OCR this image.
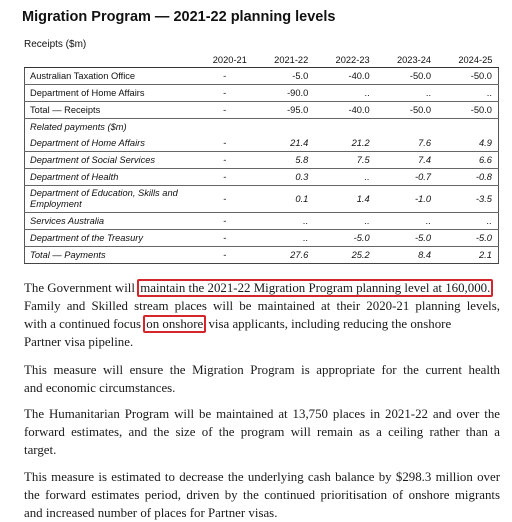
Migration Program — 2021-22 planning levels
Receipts ($m)
	2020-21	2021-22	2022-23	2023-24	2024-25
Australian Taxation Office	-	-5.0	-40.0	-50.0	-50.0
Department of Home Affairs	-	-90.0	..	..	..
Total — Receipts	-	-95.0	-40.0	-50.0	-50.0
Related payments ($m)					
Department of Home Affairs	-	21.4	21.2	7.6	4.9
Department of Social Services	-	5.8	7.5	7.4	6.6
Department of Health	-	0.3	..	-0.7	-0.8
Department of Education, Skills and Employment	-	0.1	1.4	-1.0	-3.5
Services Australia	-	..	..	..	..
Department of the Treasury	-	..	-5.0	-5.0	-5.0
Total — Payments	-	27.6	25.2	8.4	2.1
The Government will maintain the 2021-22 Migration Program planning level at 160,000.
Family and Skilled stream places will be maintained at their 2020-21 planning levels,
with a continued focus on onshore visa applicants, including reducing the onshore
Partner visa pipeline.
This measure will ensure the Migration Program is appropriate for the current health
and economic circumstances.
The Humanitarian Program will be maintained at 13,750 places in 2021-22 and over the
forward estimates, and the size of the program will remain as a ceiling rather than a
target.
This measure is estimated to decrease the underlying cash balance by $298.3 million over
the forward estimates period, driven by the continued prioritisation of onshore migrants
and increased number of places for Partner visas.
